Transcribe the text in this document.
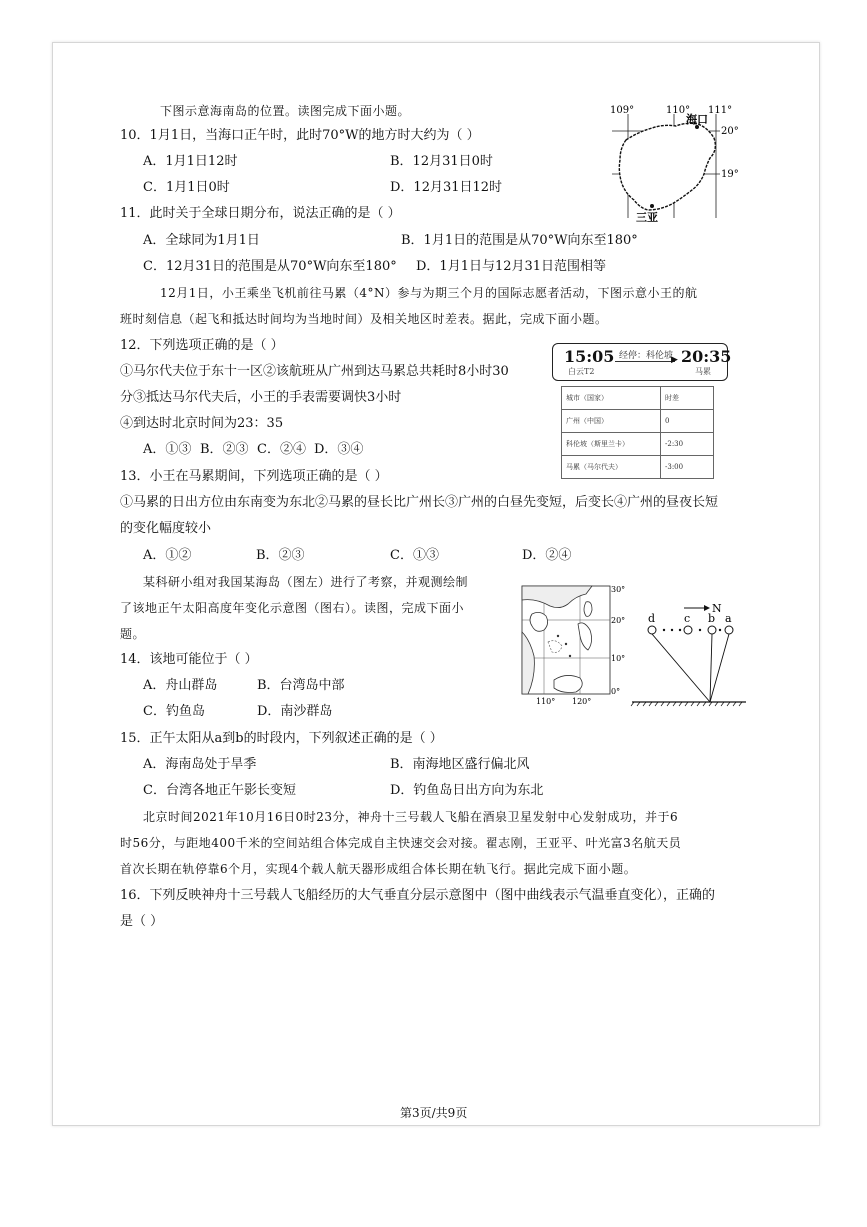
下图示意海南岛的位置。读图完成下面小题。
10．1月1日，当海口正午时，此时70°W的地方时大约为（ ）
A．1月1日12时	B．12月31日0时
C．1月1日0时	D．12月31日12时
11．此时关于全球日期分布，说法正确的是（ ）
A．全球同为1月1日	B．1月1日的范围是从70°W向东至180°
C．12月31日的范围是从70°W向东至180° D．1月1日与12月31日范围相等
109°	110° 111°
20°
19°
海口
三亚
12月1日，小王乘坐飞机前往马累（4°N）参与为期三个月的国际志愿者活动，下图示意小王的航
班时刻信息（起飞和抵达时间均为当地时间）及相关地区时差表。据此，完成下面小题。
12．下列选项正确的是（ ）
①马尔代夫位于东十一区②该航班从广州到达马累总共耗时8小时30
分③抵达马尔代夫后，小王的手表需要调快3小时
④到达时北京时间为23：35
A．①③ B．②③ C．②④ D．③④
15:05
白云T2
经停：科伦坡
▶ 20:35
马累
城市（国家）	时差
广州（中国）	0
科伦坡（斯里兰卡）	-2:30
马累（马尔代夫）	-3:00
13．小王在马累期间，下列选项正确的是（ ）
①马累的日出方位由东南变为东北②马累的昼长比广州长③广州的白昼先变短，后变长④广州的昼夜长短
的变化幅度较小
A．①②	B．②③	C．①③	D．②④
某科研小组对我国某海岛（图左）进行了考察，并观测绘制
了该地正午太阳高度年变化示意图（图右）。读图，完成下面小
题。
14．该地可能位于（ ）
A．舟山群岛	B．台湾岛中部
C．钓鱼岛	D．南沙群岛
30°
20°
10°
0°
110° 120°
N
d	c b a
15．正午太阳从a到b的时段内，下列叙述正确的是（ ）
A．海南岛处于旱季	B．南海地区盛行偏北风
C．台湾各地正午影长变短	D．钓鱼岛日出方向为东北
北京时间2021年10月16日0时23分，神舟十三号载人飞船在酒泉卫星发射中心发射成功，并于6
时56分，与距地400千米的空间站组合体完成自主快速交会对接。翟志刚，王亚平、叶光富3名航天员
首次长期在轨停靠6个月，实现4个载人航天器形成组合体长期在轨飞行。据此完成下面小题。
16．下列反映神舟十三号载人飞船经历的大气垂直分层示意图中（图中曲线表示气温垂直变化），正确的
是（ ）
第3页/共9页
